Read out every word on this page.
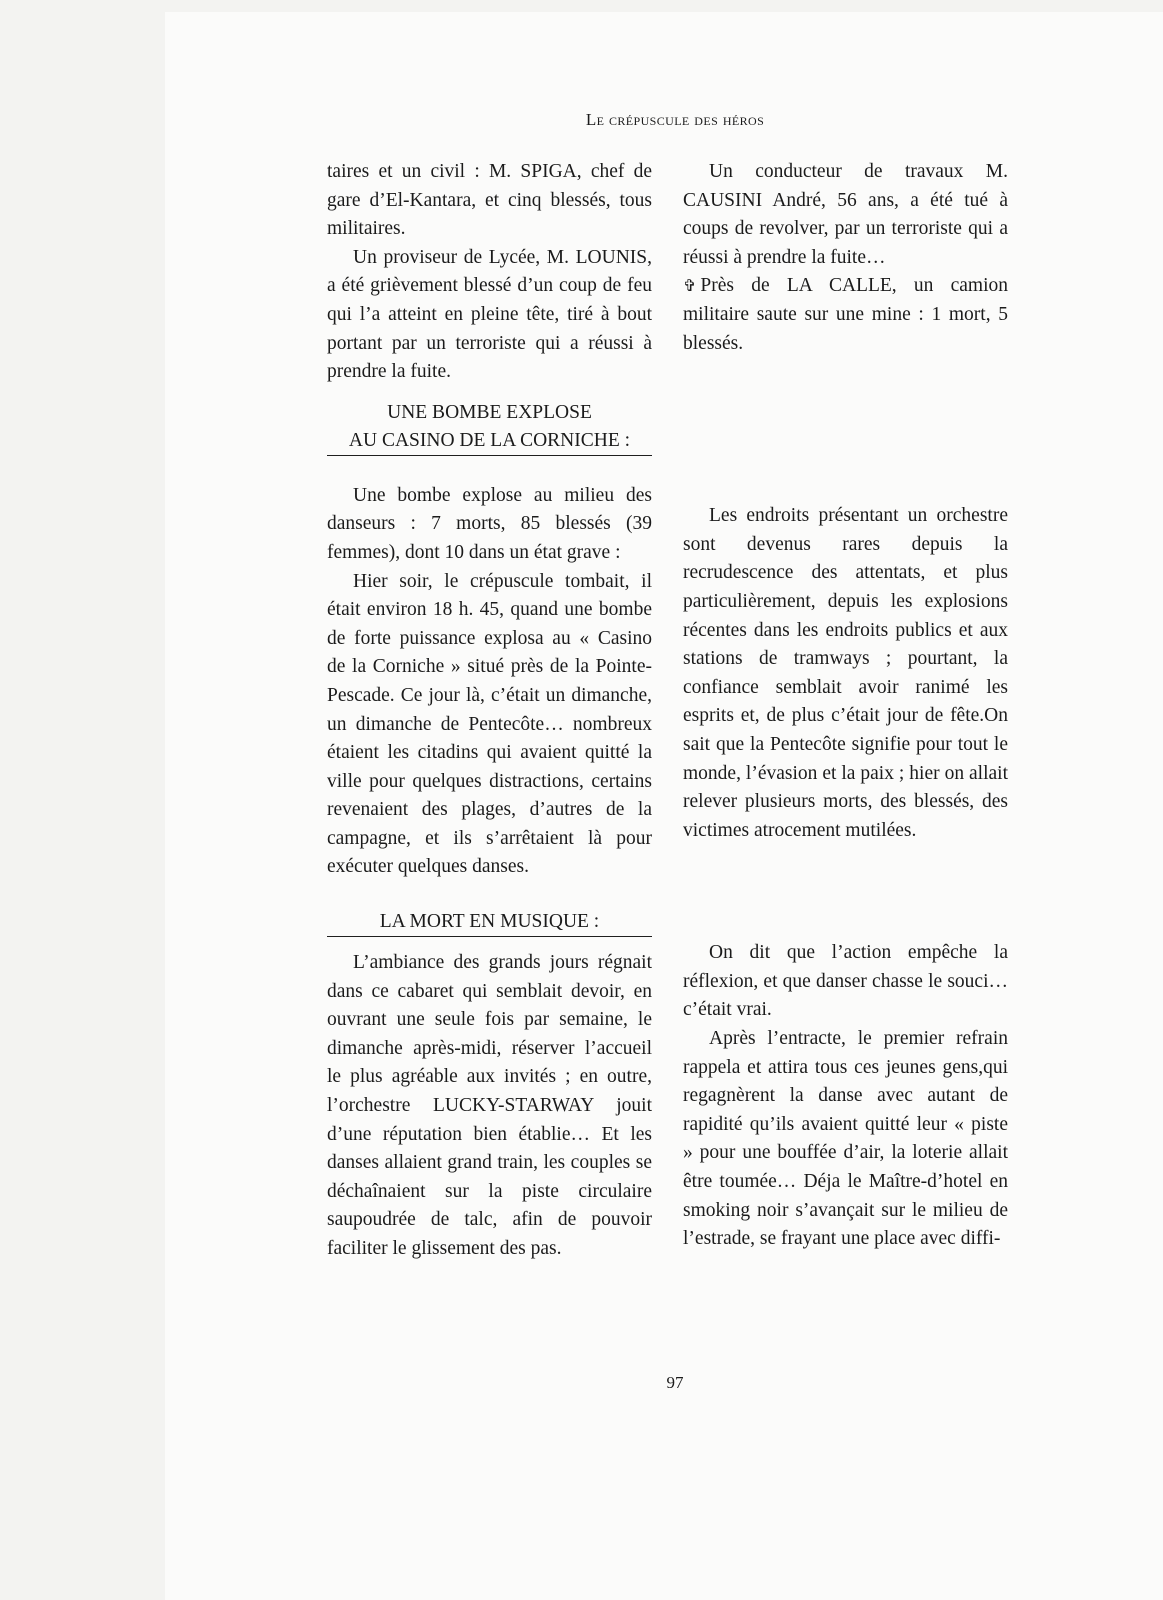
Le crépuscule des héros

taires et un civil : M. SPIGA, chef de gare d’El-Kantara, et cinq blessés, tous militaires.

Un proviseur de Lycée, M. LOUNIS, a été grièvement blessé d’un coup de feu qui l’a atteint en pleine tête, tiré à bout portant par un terroriste qui a réussi à prendre la fuite.

UNE BOMBE EXPLOSE
AU CASINO DE LA CORNICHE :

Une bombe explose au milieu des danseurs : 7 morts, 85 blessés (39 femmes), dont 10 dans un état grave :

Hier soir, le crépuscule tombait, il était environ 18 h. 45, quand une bombe de forte puissance explosa au « Casino de la Corniche » situé près de la Pointe-Pescade. Ce jour là, c’était un dimanche, un dimanche de Pentecôte… nombreux étaient les citadins qui avaient quitté la ville pour quelques distractions, certains revenaient des plages, d’autres de la campagne, et ils s’arrêtaient là pour exécuter quelques danses.

LA MORT EN MUSIQUE :

L’ambiance des grands jours régnait dans ce cabaret qui semblait devoir, en ouvrant une seule fois par semaine, le dimanche après-midi, réserver l’accueil le plus agréable aux invités ; en outre, l’orchestre LUCKY-STARWAY jouit d’une réputation bien établie… Et les danses allaient grand train, les couples se déchaînaient sur la piste circulaire saupoudrée de talc, afin de pouvoir faciliter le glissement des pas.

Un conducteur de travaux M. CAUSINI André, 56 ans, a été tué à coups de revolver, par un terroriste qui a réussi à prendre la fuite…

✞ Près de LA CALLE, un camion militaire saute sur une mine : 1 mort, 5 blessés.

Les endroits présentant un orchestre sont devenus rares depuis la recrudescence des attentats, et plus particulièrement, depuis les explosions récentes dans les endroits publics et aux stations de tramways ; pourtant, la confiance semblait avoir ranimé les esprits et, de plus c’était jour de fête.On sait que la Pentecôte signifie pour tout le monde, l’évasion et la paix ; hier on allait relever plusieurs morts, des blessés, des victimes atrocement mutilées.

On dit que l’action empêche la réflexion, et que danser chasse le souci… c’était vrai.

Après l’entracte, le premier refrain rappela et attira tous ces jeunes gens,qui regagnèrent la danse avec autant de rapidité qu’ils avaient quitté leur « piste » pour une bouffée d’air, la loterie allait être toumée… Déja le Maître-d’hotel en smoking noir s’avançait sur le milieu de l’estrade, se frayant une place avec diffi-

97
